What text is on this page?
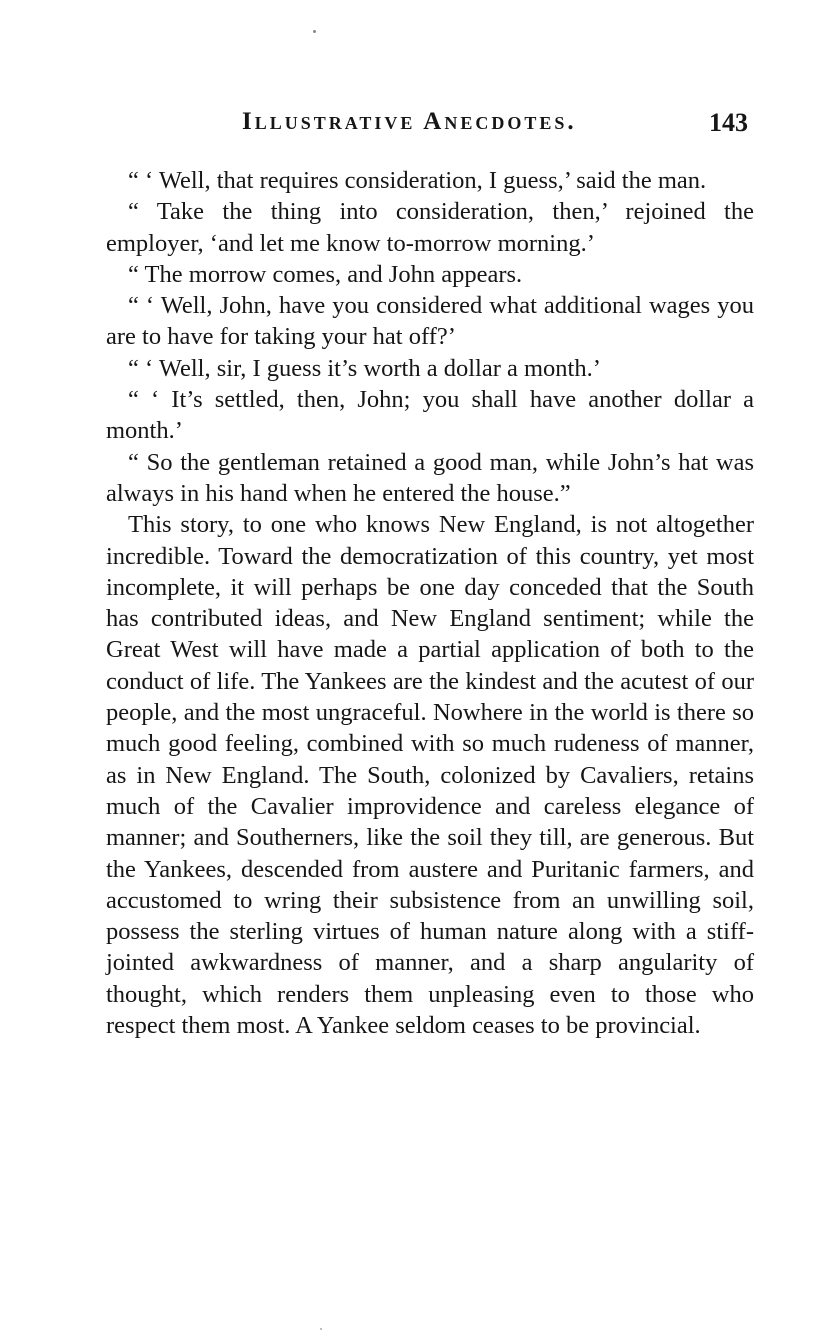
Illustrative Anecdotes.	143

“ ‘ Well, that requires consideration, I guess,’ said the man.

“ Take the thing into consideration, then,’ rejoined the employer, ‘and let me know to-morrow morning.’

“ The morrow comes, and John appears.

“ ‘ Well, John, have you considered what additional wages you are to have for taking your hat off?’

“ ‘ Well, sir, I guess it’s worth a dollar a month.’

“ ‘ It’s settled, then, John; you shall have another dollar a month.’

“ So the gentleman retained a good man, while John’s hat was always in his hand when he entered the house.”

This story, to one who knows New England, is not altogether incredible. Toward the democratization of this country, yet most incomplete, it will perhaps be one day conceded that the South has contributed ideas, and New England sentiment; while the Great West will have made a partial application of both to the conduct of life. The Yankees are the kindest and the acutest of our people, and the most ungraceful. Nowhere in the world is there so much good feeling, combined with so much rudeness of manner, as in New England. The South, colonized by Cavaliers, retains much of the Cavalier improvidence and careless elegance of manner; and Southerners, like the soil they till, are generous. But the Yankees, descended from austere and Puritanic farmers, and accustomed to wring their subsistence from an unwilling soil, possess the sterling virtues of human nature along with a stiff-jointed awkwardness of manner, and a sharp angularity of thought, which renders them unpleasing even to those who respect them most. A Yankee seldom ceases to be provincial.
